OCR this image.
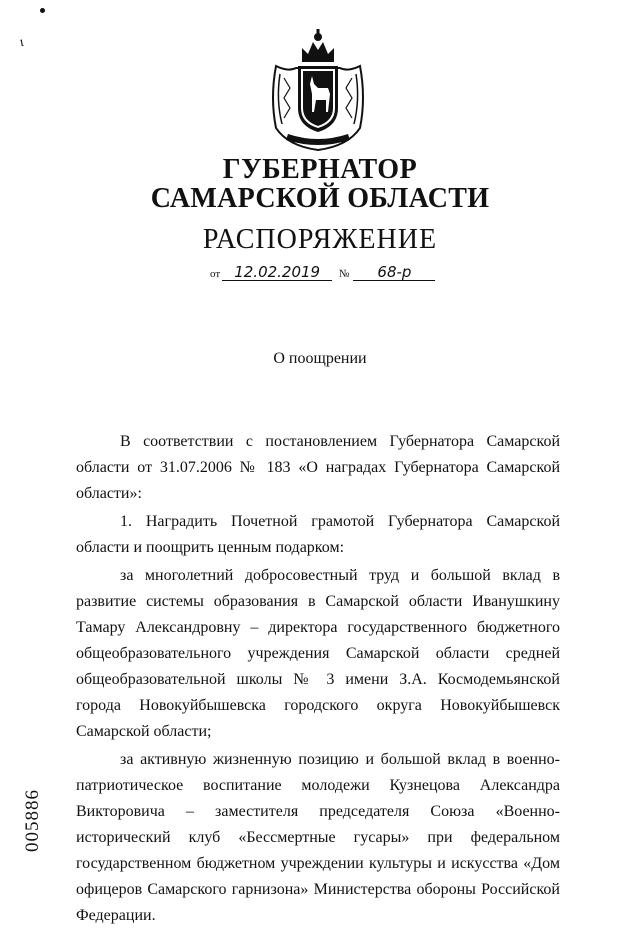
ı
ГУБЕРНАТОР
САМАРСКОЙ ОБЛАСТИ
РАСПОРЯЖЕНИЕ
от 12.02.2019 № 68-р
О поощрении

В соответствии с постановлением Губернатора Самарской области от 31.07.2006 № 183 «О наградах Губернатора Самарской области»:

1. Наградить Почетной грамотой Губернатора Самарской области и поощрить ценным подарком:

за многолетний добросовестный труд и большой вклад в развитие системы образования в Самарской области Иванушкину Тамару Александровну – директора государственного бюджетного общеобразовательного учреждения Самарской области средней общеобразовательной школы № 3 имени З.А. Космодемьянской города Новокуйбышевска городского округа Новокуйбышевск Самарской области;

за активную жизненную позицию и большой вклад в военно-патриотическое воспитание молодежи Кузнецова Александра Викторовича – заместителя председателя Союза «Военно-исторический клуб «Бессмертные гусары» при федеральном государственном бюджетном учреждении культуры и искусства «Дом офицеров Самарского гарнизона» Министерства обороны Российской Федерации.

005886
